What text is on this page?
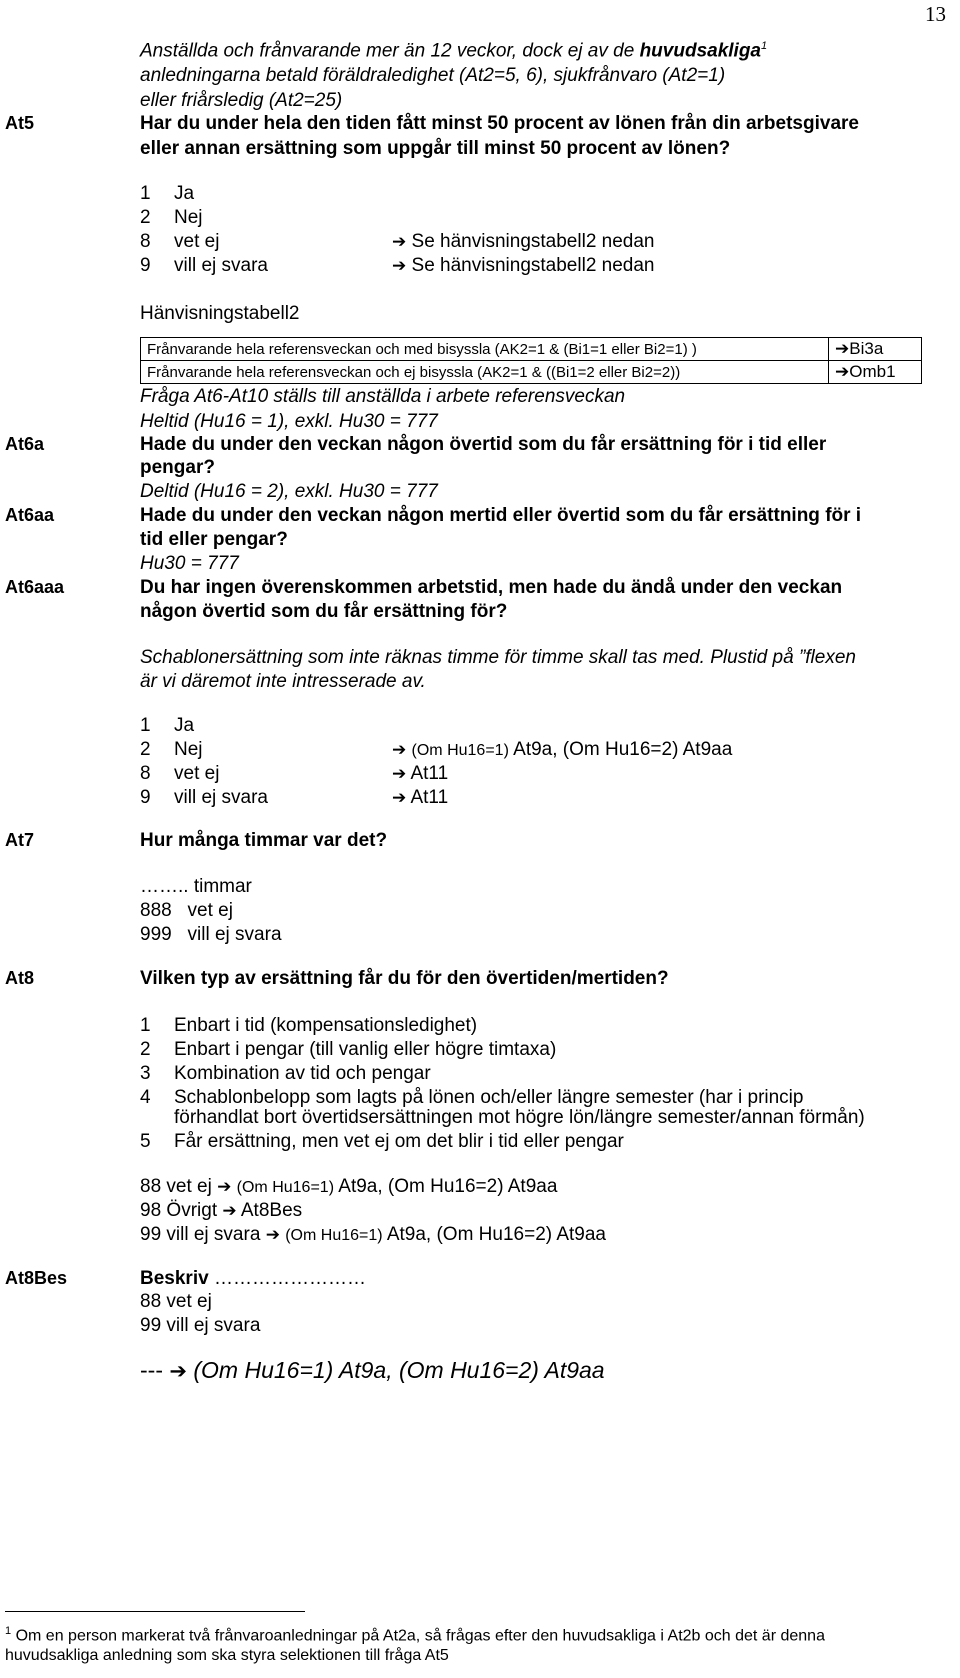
13
Anställda och frånvarande mer än 12 veckor, dock ej av de huvudsakliga$^1$
anledningarna betald föräldraledighet (At2=5, 6), sjukfrånvaro (At2=1)
eller friårsledig (At2=25)
At5	Har du under hela den tiden fått minst 50 procent av lönen från din arbetsgivare
eller annan ersättning som uppgår till minst 50 procent av lönen?
1 Ja
2 Nej
8 vet ej	➔ Se hänvisningstabell2 nedan
9 vill ej svara	➔ Se hänvisningstabell2 nedan
Hänvisningstabell2
Frånvarande hela referensveckan och med bisyssla (AK2=1 & (Bi1=1 eller Bi2=1) )	➔Bi3a
Frånvarande hela referensveckan och ej bisyssla (AK2=1 & ((Bi1=2 eller Bi2=2))	➔Omb1
Fråga At6-At10 ställs till anställda i arbete referensveckan
Heltid (Hu16 = 1), exkl. Hu30 = 777
At6a	Hade du under den veckan någon övertid som du får ersättning för i tid eller
pengar?
Deltid (Hu16 = 2), exkl. Hu30 = 777
At6aa	Hade du under den veckan någon mertid eller övertid som du får ersättning för i
tid eller pengar?
Hu30 = 777
At6aaa	Du har ingen överenskommen arbetstid, men hade du ändå under den veckan
någon övertid som du får ersättning för?
Schablonersättning som inte räknas timme för timme skall tas med. Plustid på ”flexen
är vi däremot inte intresserade av.
1 Ja
2 Nej	➔ (Om Hu16=1) At9a, (Om Hu16=2) At9aa
8 vet ej	➔ At11
9 vill ej svara	➔ At11
At7	Hur många timmar var det?
…….. timmar
888 vet ej
999 vill ej svara
At8	Vilken typ av ersättning får du för den övertiden/mertiden?
1 Enbart i tid (kompensationsledighet)
2 Enbart i pengar (till vanlig eller högre timtaxa)
3 Kombination av tid och pengar
4 Schablonbelopp som lagts på lönen och/eller längre semester (har i princip
förhandlat bort övertidsersättningen mot högre lön/längre semester/annan förmån)
5 Får ersättning, men vet ej om det blir i tid eller pengar
88 vet ej ➔ (Om Hu16=1) At9a, (Om Hu16=2) At9aa
98 Övrigt ➔ At8Bes
99 vill ej svara ➔ (Om Hu16=1) At9a, (Om Hu16=2) At9aa
At8Bes	Beskriv ……………………
88 vet ej
99 vill ej svara
--- ➔ (Om Hu16=1) At9a, (Om Hu16=2) At9aa
$^1$ Om en person markerat två frånvaroanledningar på At2a, så frågas efter den huvudsakliga i At2b och det är denna
huvudsakliga anledning som ska styra selektionen till fråga At5
